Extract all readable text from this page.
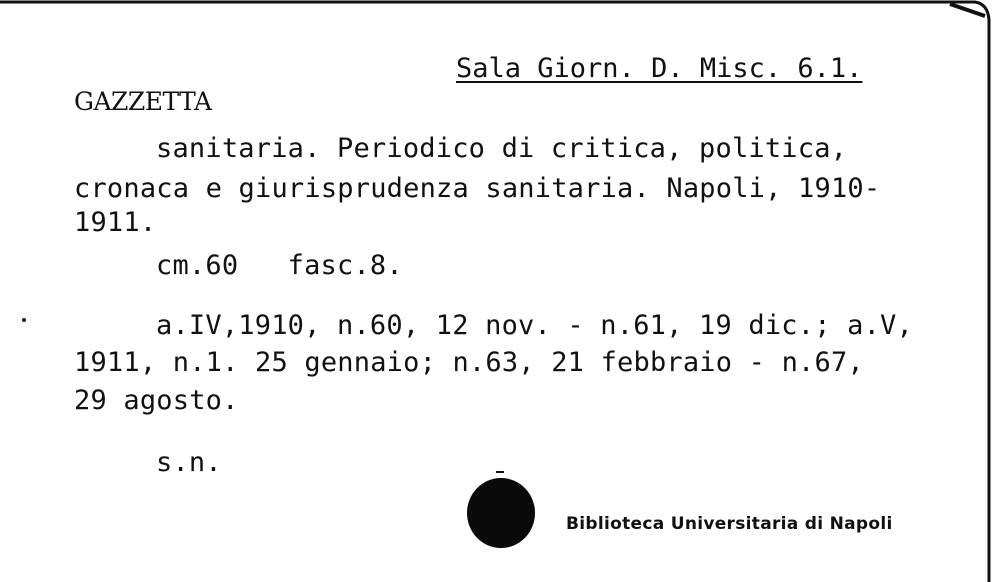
Sala Giorn. D. Misc. 6.1.
GAZZETTA
sanitaria. Periodico di critica, politica,
cronaca e giurisprudenza sanitaria. Napoli, 1910-
1911.
cm.60   fasc.8.
a.IV,1910, n.60, 12 nov. - n.61, 19 dic.; a.V,
1911, n.1. 25 gennaio; n.63, 21 febbraio - n.67,
29 agosto.
s.n.
Biblioteca Universitaria di Napoli
